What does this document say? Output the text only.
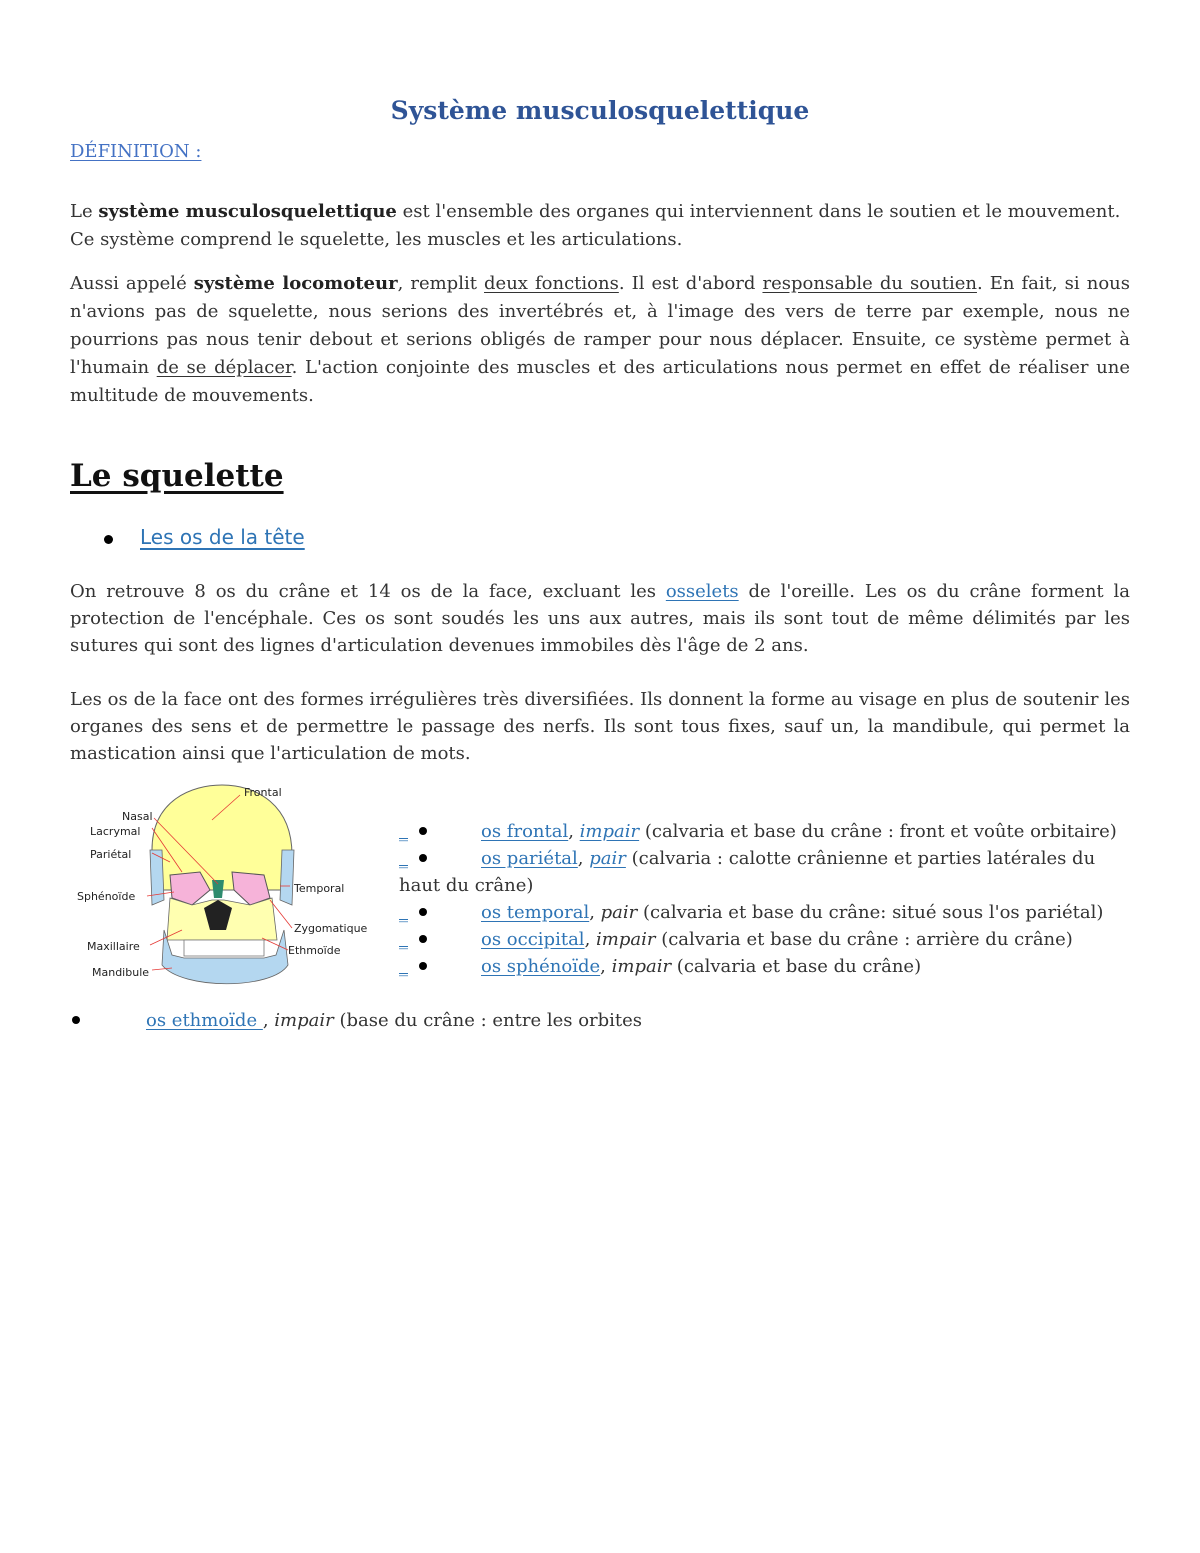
Système musculosquelettique
DÉFINITION :

Le système musculosquelettique est l'ensemble des organes qui interviennent dans le soutien et le mouvement. Ce système comprend le squelette, les muscles et les articulations.

Aussi appelé système locomoteur, remplit deux fonctions. Il est d'abord responsable du soutien. En fait, si nous n'avions pas de squelette, nous serions des invertébrés et, à l'image des vers de terre par exemple, nous ne pourrions pas nous tenir debout et serions obligés de ramper pour nous déplacer. Ensuite, ce système permet à l'humain de se déplacer. L'action conjointe des muscles et des articulations nous permet en effet de réaliser une multitude de mouvements.

Le squelette
Les os de la tête

On retrouve 8 os du crâne et 14 os de la face, excluant les osselets de l'oreille. Les os du crâne forment la protection de l'encéphale. Ces os sont soudés les uns aux autres, mais ils sont tout de même délimités par les sutures qui sont des lignes d'articulation devenues immobiles dès l'âge de 2 ans.

Les os de la face ont des formes irrégulières très diversifiées. Ils donnent la forme au visage en plus de soutenir les organes des sens et de permettre le passage des nerfs. Ils sont tous fixes, sauf un, la mandibule, qui permet la mastication ainsi que l'articulation de mots.

Frontal
Nasal
Lacrymal
Pariétal
Sphénoïde
Maxillaire
Mandibule
Temporal
Zygomatique
Ethmoïde
_	os frontal, impair (calvaria et base du crâne : front et voûte orbitaire)
_	os pariétal, pair (calvaria : calotte crânienne et parties latérales du haut du crâne)
_	os temporal, pair (calvaria et base du crâne: situé sous l'os pariétal)
_	os occipital, impair (calvaria et base du crâne : arrière du crâne)
_	os sphénoïde, impair (calvaria et base du crâne)
os ethmoïde , impair (base du crâne : entre les orbites
